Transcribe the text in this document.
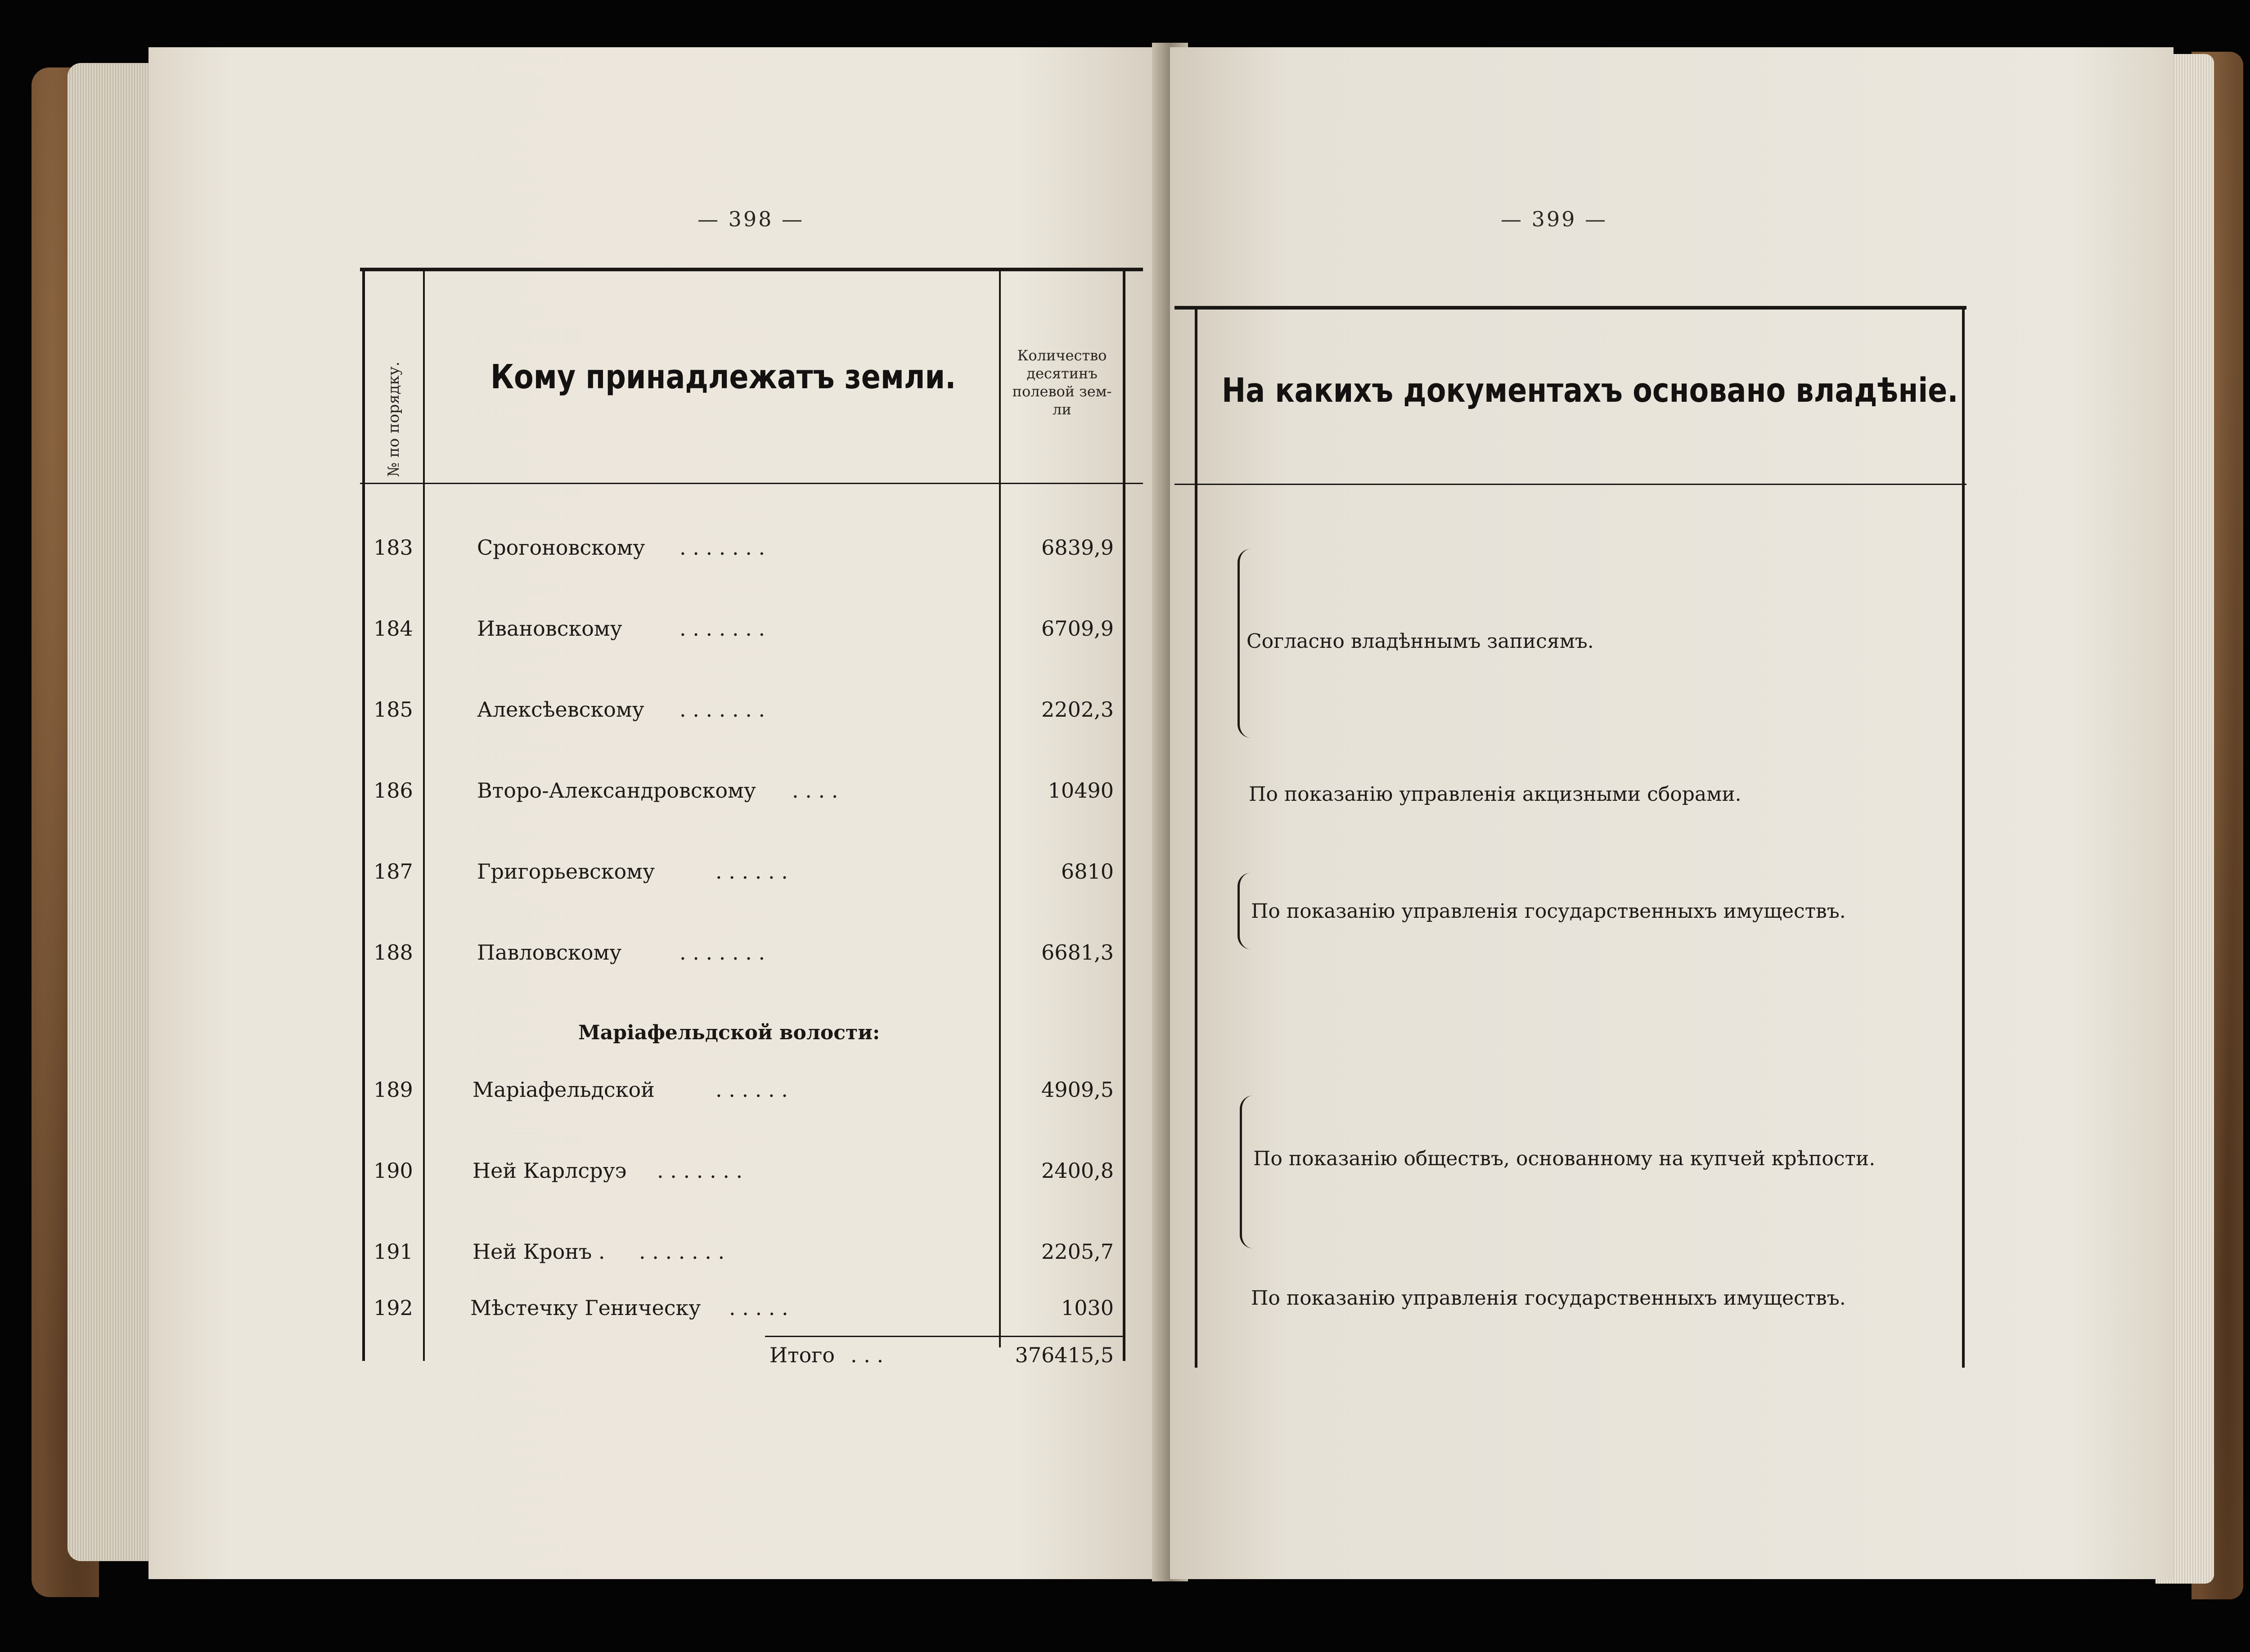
— 398 —
№ по порядку.	Кому принадлежатъ земли.
Количество
десятинъ
полевой зем-
ли
183	Срогоновскому . . . . . . .	6839,9
184	Ивановскому	. . . . . . .	6709,9
185	Алексѣевскому . . . . . . .	2202,3
186	Второ-Александровскому . . . .	10490
187	Григорьевскому	. . . . . .	6810
188	Павловскому	. . . . . . .	6681,3
Маріафельдской волости:
189	Маріафельдской	. . . . . .	4909,5
190	Ней Карлсруэ . . . . . . .	2400,8
191	Ней Кронъ . . . . . . . .	2205,7
192	Мѣстечку Геническу . . . . .	1030
Итого . . .	376415,5
— 399 —
На какихъ документахъ основано владѣніе.
Согласно владѣннымъ записямъ.
По показанію управленія акцизными сборами.
По показанію управленія государственныхъ имуществъ.
По показанію обществъ, основанному на купчей крѣпости.
По показанію управленія государственныхъ имуществъ.
